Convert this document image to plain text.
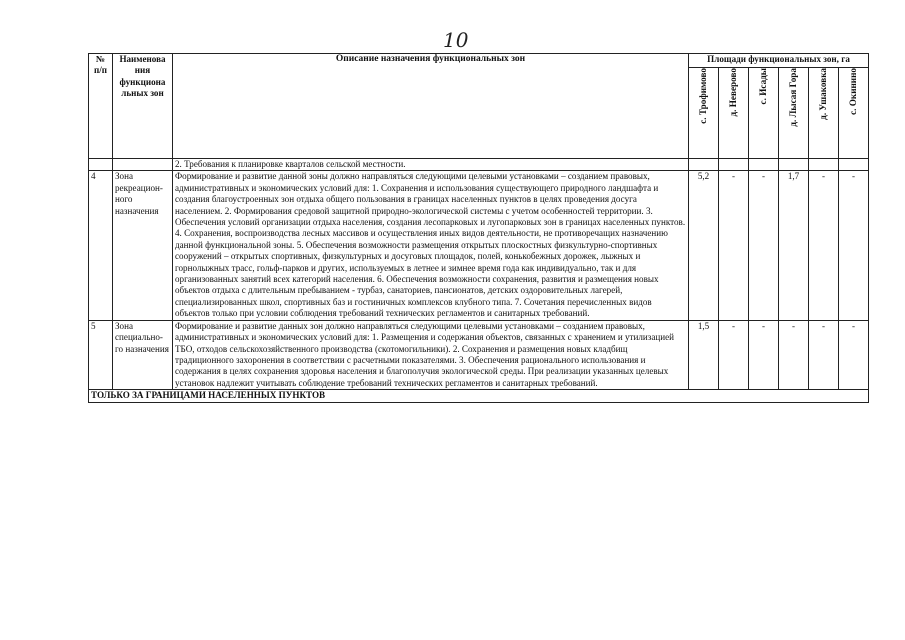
10
№ п/п	Наименова ния функциона льных зон	Описание назначения функциональных зон	Площади функциональных зон, га					

			с. Трофимово	д. Неверово	с. Исады	д. Лысая Гора	д. Ушаковка	с. Окинино

		2. Требования к планировке кварталов сельской местности.						
4	Зона рекреацион-ного назначения	Формирование и развитие данной зоны должно направляться следующими целевыми установками – созданием правовых, административных и экономических условий для: 1. Сохранения и использования существующего природного ландшафта и создания благоустроенных зон отдыха общего пользования в границах населенных пунктов в целях проведения досуга населением. 2. Формирования средовой защитной природно-экологической системы с учетом особенностей территории. 3. Обеспечения условий организации отдыха населения, создания лесопарковых и лугопарковых зон в границах населенных пунктов. 4. Сохранения, воспроизводства лесных массивов и осуществления иных видов деятельности, не противоречащих назначению данной функциональной зоны. 5. Обеспечения возможности размещения открытых плоскостных физкультурно-спортивных сооружений – открытых спортивных, физкультурных и досуговых площадок, полей, конькобежных дорожек, лыжных и горнолыжных трасс, гольф-парков и других, используемых в летнее и зимнее время года как индивидуально, так и для организованных занятий всех категорий населения. 6. Обеспечения возможности сохранения, развития и размещения новых объектов отдыха с длительным пребыванием - турбаз, санаториев, пансионатов, детских оздоровительных лагерей, специализированных школ, спортивных баз и гостиничных комплексов клубного типа. 7. Сочетания перечисленных видов объектов только при условии соблюдения требований технических регламентов и санитарных требований.	5,2	-	-	1,7	-	-
5	Зона специально-го назначения	Формирование и развитие данных зон должно направляться следующими целевыми установками – созданием правовых, административных и экономических условий для: 1. Размещения и содержания объектов, связанных с хранением и утилизацией ТБО, отходов сельскохозяйственного производства (скотомогильники). 2. Сохранения и размещения новых кладбищ традиционного захоронения в соответствии с расчетными показателями. 3. Обеспечения рационального использования и содержания в целях сохранения здоровья населения и благополучия экологической среды. При реализации указанных целевых установок надлежит учитывать соблюдение требований технических регламентов и санитарных требований.	1,5	-	-	-	-	-
ТОЛЬКО ЗА ГРАНИЦАМИ НАСЕЛЕННЫХ ПУНКТОВ								
